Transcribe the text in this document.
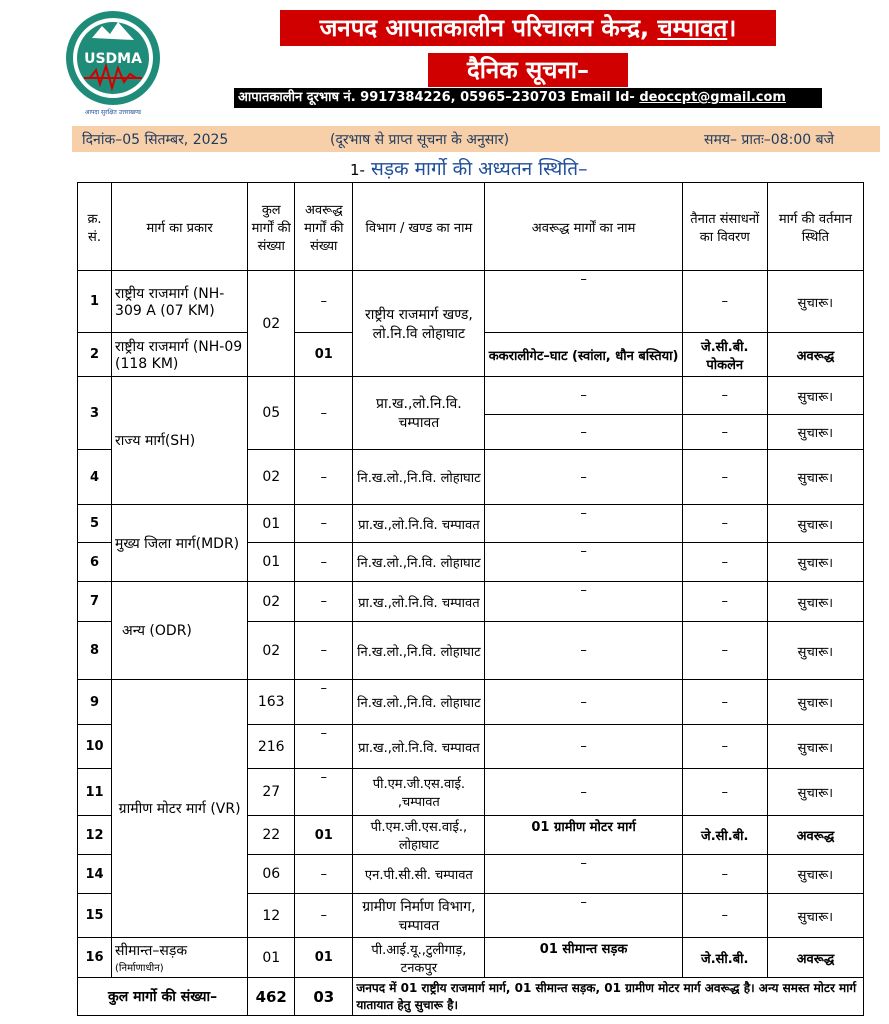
USDMA
आपदा सुरक्षित उत्तराखण्ड
जनपद आपातकालीन परिचालन केन्द्र, चम्पावत।
दैनिक सूचना–
आपातकालीन दूरभाष नं. 9917384226, 05965–230703 Email Id- deoccpt@gmail.com
दिनांक–05 सितम्बर, 2025	(दूरभाष से प्राप्त सूचना के अनुसार)	समय– प्रातः–08:00 बजे
1- सड़क मार्गो की अध्यतन स्थिति–
क्र. सं.	मार्ग का प्रकार	कुल मार्गों की संख्या	अवरूद्ध मार्गों की संख्या	विभाग / खण्ड का नाम	अवरूद्ध मार्गों का नाम	तैनात संसाधनों का विवरण	मार्ग की वर्तमान स्थिति
1	राष्ट्रीय राजमार्ग (NH-309 A (07 KM)	02	–	राष्ट्रीय राजमार्ग खण्ड, लो.नि.वि लोहाघाट	–	–	सुचारू।
2	राष्ट्रीय राजमार्ग (NH-09 (118 KM)		01		ककरालीगेट–घाट (स्वांला, धौन बस्तिया)	जे.सी.बी. पोकलेन	अवरूद्ध
3	राज्य मार्ग(SH)	05	–	प्रा.ख.,लो.नि.वि. चम्पावत	–	–	सुचारू।
					–	–	सुचारू।
4		02	–	नि.ख.लो.,नि.वि. लोहाघाट	–	–	सुचारू।
5	मुख्य जिला मार्ग(MDR)	01	–	प्रा.ख.,लो.नि.वि. चम्पावत	–	–	सुचारू।
6		01	–	नि.ख.लो.,नि.वि. लोहाघाट	–	–	सुचारू।
7	अन्य (ODR)	02	–	प्रा.ख.,लो.नि.वि. चम्पावत	–	–	सुचारू।
8		02	–	नि.ख.लो.,नि.वि. लोहाघाट	–	–	सुचारू।
9	ग्रामीण मोटर मार्ग (VR)	163	–	नि.ख.लो.,नि.वि. लोहाघाट	–	–	सुचारू।
10		216	–	प्रा.ख.,लो.नि.वि. चम्पावत	–	–	सुचारू।
11		27	–	पी.एम.जी.एस.वाई. ,चम्पावत	–	–	सुचारू।
12		22	01	पी.एम.जी.एस.वाई., लोहाघाट	01 ग्रामीण मोटर मार्ग	जे.सी.बी.	अवरूद्ध
14		06	–	एन.पी.सी.सी. चम्पावत	–	–	सुचारू।
15		12	–	ग्रामीण निर्माण विभाग, चम्पावत	–	–	सुचारू।
16	सीमान्त–सड़क
(निर्माणाधीन)	01	01	पी.आई.यू.,टुलीगाड़, टनकपुर	01 सीमान्त सड़क	जे.सी.बी.	अवरूद्ध
कुल मार्गो की संख्या–		462	03	जनपद में 01 राष्ट्रीय राजमार्ग मार्ग, 01 सीमान्त सड़क, 01 ग्रामीण मोटर मार्ग अवरूद्ध है। अन्य समस्त मोटर मार्ग यातायात हेतु सुचारू है।			
